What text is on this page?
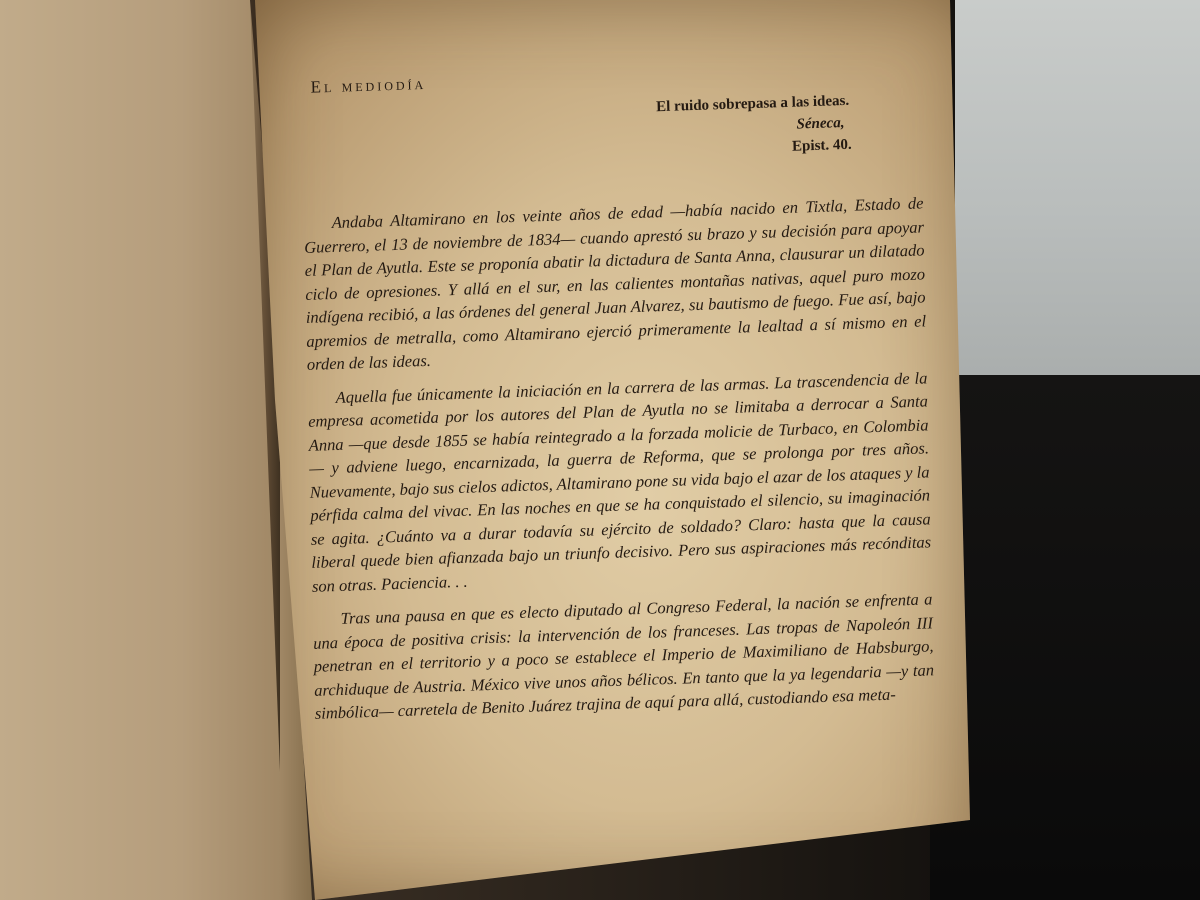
El mediodía
El ruido sobrepasa a las ideas.
Séneca,
Epist. 40.
Andaba Altamirano en los veinte años de edad —había nacido en Tixtla, Estado de Guerrero, el 13 de noviembre de 1834— cuando aprestó su brazo y su decisión para apoyar el Plan de Ayutla. Este se proponía abatir la dictadura de Santa Anna, clausurar un dilatado ciclo de opresiones. Y allá en el sur, en las calientes montañas nativas, aquel puro mozo indígena recibió, a las órdenes del general Juan Alvarez, su bautismo de fuego. Fue así, bajo apremios de metralla, como Altamirano ejerció primeramente la lealtad a sí mismo en el orden de las ideas.
Aquella fue únicamente la iniciación en la carrera de las armas. La trascendencia de la empresa acometida por los autores del Plan de Ayutla no se limitaba a derrocar a Santa Anna —que desde 1855 se había reintegrado a la forzada molicie de Turbaco, en Colombia— y adviene luego, encarnizada, la guerra de Reforma, que se prolonga por tres años. Nuevamente, bajo sus cielos adictos, Altamirano pone su vida bajo el azar de los ataques y la pérfida calma del vivac. En las noches en que se ha conquistado el silencio, su imaginación se agita. ¿Cuánto va a durar todavía su ejército de soldado? Claro: hasta que la causa liberal quede bien afianzada bajo un triunfo decisivo. Pero sus aspiraciones más recónditas son otras. Paciencia. . .
Tras una pausa en que es electo diputado al Congreso Federal, la nación se enfrenta a una época de positiva crisis: la intervención de los franceses. Las tropas de Napoleón III penetran en el territorio y a poco se establece el Imperio de Maximiliano de Habsburgo, archiduque de Austria. México vive unos años bélicos. En tanto que la ya legendaria —y tan simbólica— carretela de Benito Juárez trajina de aquí para allá, custodiando esa meta-
